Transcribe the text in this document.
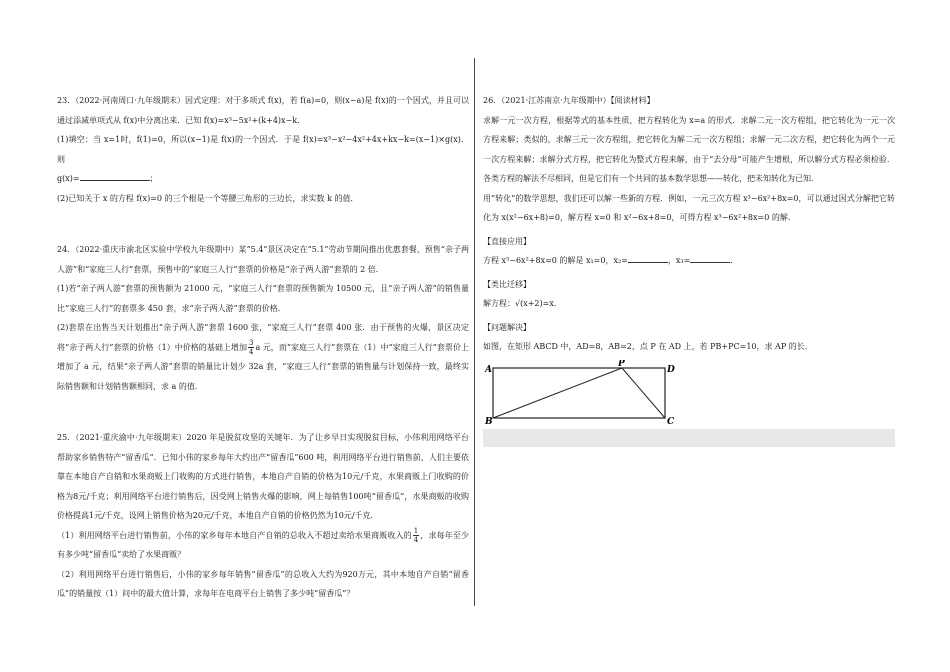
23．（2022·河南周口·九年级期末）因式定理：对于多项式 f(x)，若 f(a)=0，则(x−a)是 f(x)的一个因式，并且可以通过添减单项式从 f(x)中分离出来．已知 f(x)=x³−5x²+(k+4)x−k．

(1)填空：当 x=1时，f(1)=0，所以(x−1)是 f(x)的一个因式．于是 f(x)=x³−x²−4x²+4x+kx−k=(x−1)×g(x)．则

g(x)=	；

(2)已知关于 x 的方程 f(x)=0 的三个根是一个等腰三角形的三边长，求实数 k 的值．

24．（2022·重庆市渝北区实验中学校九年级期中）某“5.4”景区决定在“5.1”劳动节期间推出优惠套餐，预售“亲子两人游”和“家庭三人行”套票，预售中的“家庭三人行”套票的价格是“亲子两人游”套票的 2 倍．

(1)若“亲子两人游”套票的预售额为 21000 元，“家庭三人行”套票的预售额为 10500 元，且“亲子两人游”的销售量比“家庭三人行”的套票多 450 套，求“亲子两人游”套票的价格．

(2)套票在出售当天计划推出“亲子两人游”套票 1600 张，“家庭三人行”套票 400 张．由于预售的火爆，景区决定将“亲子两人行”套票的价格（1）中价格的基础上增加 $\frac{3}{4}$ a 元，而“家庭三人行”套票在（1）中“家庭三人行”套票价上增加了 a 元，结果“亲子两人游”套票的销量比计划少 32a 套，“家庭三人行”套票的销售量与计划保持一致，最终实际销售额和计划销售额相同，求 a 的值．

25．（2021·重庆渝中·九年级期末）2020 年是脱贫攻坚的关键年．为了让乡早日实现脱贫目标，小伟利用网络平台帮助家乡销售特产“留香瓜”．已知小伟的家乡每年大约出产“留香瓜”600 吨，利用网络平台进行销售前，人们主要依靠在本地自产自销和水果商贩上门收购的方式进行销售，本地自产自销的价格为10元/千克，水果商贩上门收购的价格为8元/千克；利用网络平台进行销售后，因受网上销售火爆的影响，网上每销售100吨“留香瓜”，水果商贩的收购价格提高1元/千克，设网上销售价格为20元/千克，本地自产自销的价格仍然为10元/千克．

（1）利用网络平台进行销售前，小伟的家乡每年本地自产自销的总收入不超过卖给水果商贩收入的 $\frac{1}{4}$ ，求每年至少有多少吨“留香瓜”卖给了水果商贩？

（2）利用网络平台进行销售后，小伟的家乡每年销售“留香瓜”的总收入大约为920万元，其中本地自产自销“留香瓜”的销量按（1）问中的最大值计算，求每年在电商平台上销售了多少吨“留香瓜”？

26．（2021·江苏南京·九年级期中）【阅读材料】

求解一元一次方程，根据等式的基本性质，把方程转化为 x=a 的形式．求解二元一次方程组，把它转化为一元一次方程来解；类似的，求解三元一次方程组，把它转化为解二元一次方程组；求解一元二次方程，把它转化为两个一元一次方程来解；求解分式方程，把它转化为整式方程来解，由于“去分母”可能产生增根，所以解分式方程必须检验．各类方程的解法不尽相同，但是它们有一个共同的基本数学思想——转化，把未知转化为已知．

用“转化”的数学思想，我们还可以解一些新的方程．例如，一元三次方程 x³−6x²+8x=0，可以通过因式分解把它转化为 x(x²−6x+8)=0，解方程 x=0 和 x²−6x+8=0，可得方程 x³−6x²+8x=0 的解．

【直接应用】

方程 x³−6x²+8x=0 的解是 x₁=0，x₂=	，x₃=	．

【类比迁移】

解方程：√(x+2)=x．

【问题解决】

如图，在矩形 ABCD 中，AD=8，AB=2，点 P 在 AD 上，若 PB+PC=10，求 AP 的长．

A
B	C
D
P
